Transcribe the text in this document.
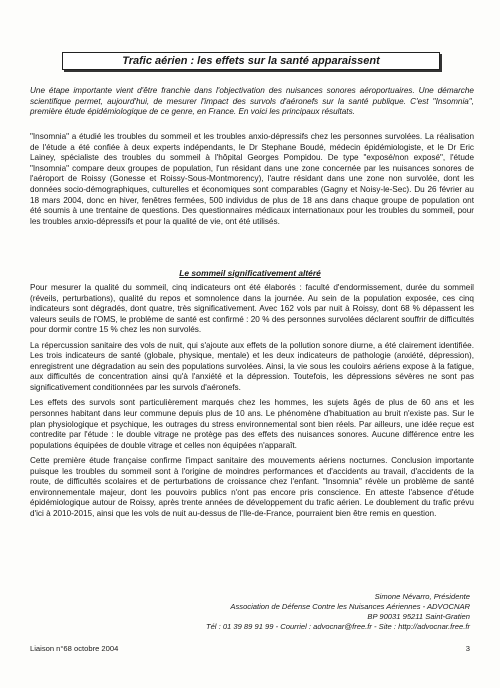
Trafic aérien : les effets sur la santé apparaissent

Une étape importante vient d'être franchie dans l'objectivation des nuisances sonores aéroportuaires. Une démarche scientifique permet, aujourd'hui, de mesurer l'impact des survols d'aéronefs sur la santé publique. C'est "Insomnia", première étude épidémiologique de ce genre, en France. En voici les principaux résultats.

"Insomnia" a étudié les troubles du sommeil et les troubles anxio-dépressifs chez les personnes survolées. La réalisation de l'étude a été confiée à deux experts indépendants, le Dr Stephane Boudé, médecin épidémiologiste, et le Dr Eric Lainey, spécialiste des troubles du sommeil à l'hôpital Georges Pompidou. De type "exposé/non exposé", l'étude "Insomnia" compare deux groupes de population, l'un résidant dans une zone concernée par les nuisances sonores de l'aéroport de Roissy (Gonesse et Roissy-Sous-Montmorency), l'autre résidant dans une zone non survolée, dont les données socio-démographiques, culturelles et économiques sont comparables (Gagny et Noisy-le-Sec). Du 26 février au 18 mars 2004, donc en hiver, fenêtres fermées, 500 individus de plus de 18 ans dans chaque groupe de population ont été soumis à une trentaine de questions. Des questionnaires médicaux internationaux pour les troubles du sommeil, pour les troubles anxio-dépressifs et pour la qualité de vie, ont été utilisés.

Le sommeil significativement altéré

Pour mesurer la qualité du sommeil, cinq indicateurs ont été élaborés : faculté d'endormissement, durée du sommeil (réveils, perturbations), qualité du repos et somnolence dans la journée. Au sein de la population exposée, ces cinq indicateurs sont dégradés, dont quatre, très significativement. Avec 162 vols par nuit à Roissy, dont 68 % dépassent les valeurs seuils de l'OMS, le problème de santé est confirmé : 20 % des personnes survolées déclarent souffrir de difficultés pour dormir contre 15 % chez les non survolés.

La répercussion sanitaire des vols de nuit, qui s'ajoute aux effets de la pollution sonore diurne, a été clairement identifiée. Les trois indicateurs de santé (globale, physique, mentale) et les deux indicateurs de pathologie (anxiété, dépression), enregistrent une dégradation au sein des populations survolées. Ainsi, la vie sous les couloirs aériens expose à la fatigue, aux difficultés de concentration ainsi qu'à l'anxiété et la dépression. Toutefois, les dépressions sévères ne sont pas significativement conditionnées par les survols d'aéronefs.

Les effets des survols sont particulièrement marqués chez les hommes, les sujets âgés de plus de 60 ans et les personnes habitant dans leur commune depuis plus de 10 ans. Le phénomène d'habituation au bruit n'existe pas. Sur le plan physiologique et psychique, les outrages du stress environnemental sont bien réels. Par ailleurs, une idée reçue est contredite par l'étude : le double vitrage ne protège pas des effets des nuisances sonores. Aucune différence entre les populations équipées de double vitrage et celles non équipées n'apparaît.

Cette première étude française confirme l'impact sanitaire des mouvements aériens nocturnes. Conclusion importante puisque les troubles du sommeil sont à l'origine de moindres performances et d'accidents au travail, d'accidents de la route, de difficultés scolaires et de perturbations de croissance chez l'enfant. "Insomnia" révèle un problème de santé environnementale majeur, dont les pouvoirs publics n'ont pas encore pris conscience. En atteste l'absence d'étude épidémiologique autour de Roissy, après trente années de développement du trafic aérien. Le doublement du trafic prévu d'ici à 2010-2015, ainsi que les vols de nuit au-dessus de l'Ile-de-France, pourraient bien être remis en question.

Simone Névarro, Présidente
Association de Défense Contre les Nuisances Aériennes - ADVOCNAR
BP 90031 95211 Saint-Gratien
Tél : 01 39 89 91 99 - Courriel : advocnar@free.fr - Site : http://advocnar.free.fr
Liaison n°68 octobre 2004	3
